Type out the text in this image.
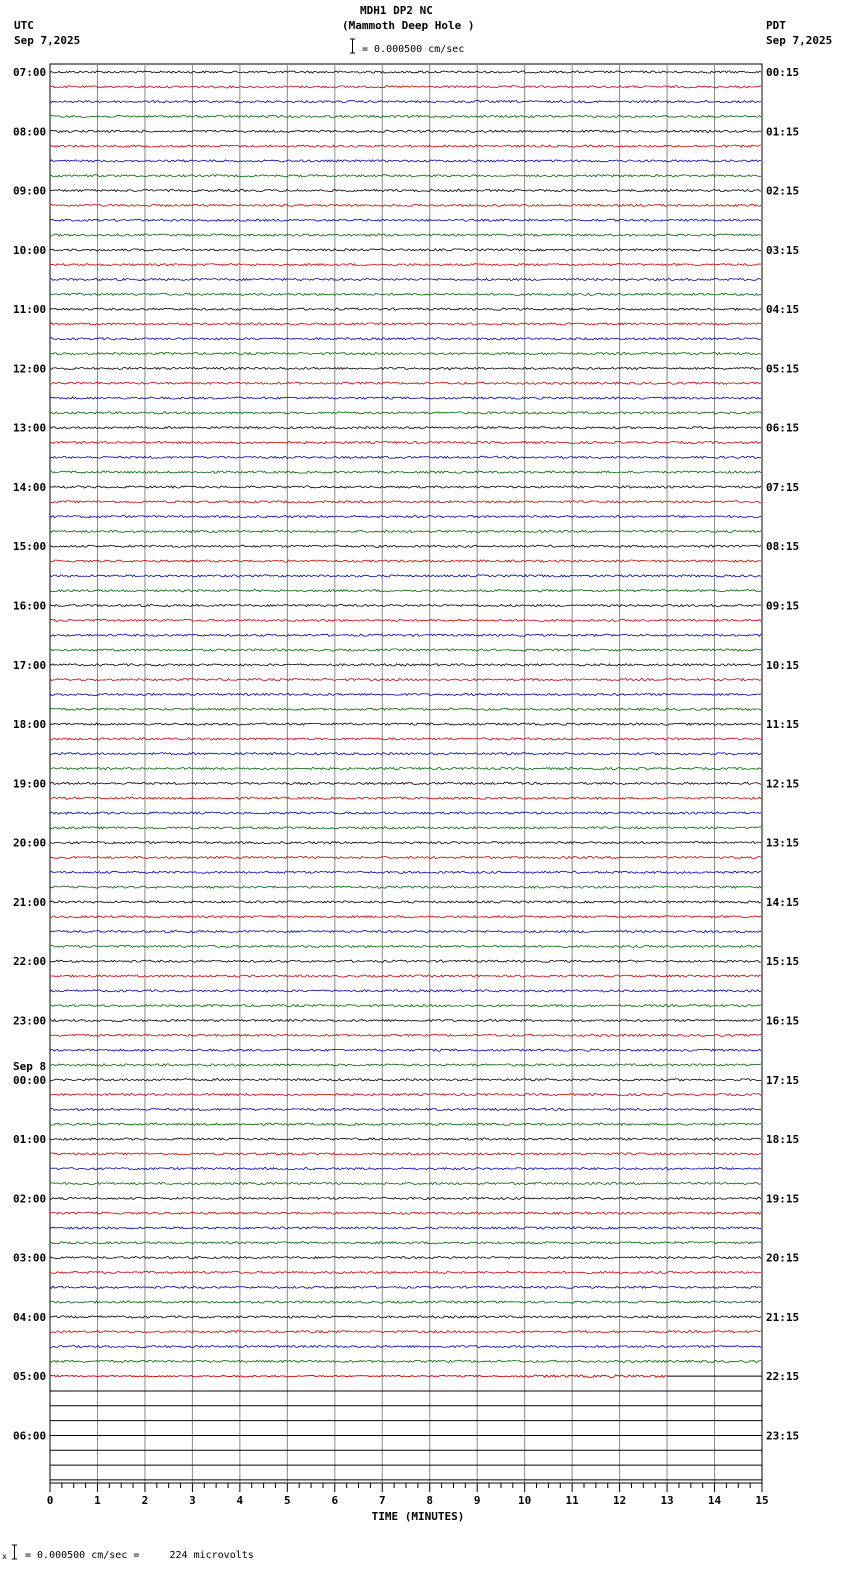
MDH1 DP2 NC
(Mammoth Deep Hole )
UTC
Sep 7,2025
PDT
Sep 7,2025
= 0.000500 cm/sec
07:00	00:15
08:00	01:15
09:00	02:15
10:00	03:15
11:00	04:15
12:00	05:15
13:00	06:15
14:00	07:15
15:00	08:15
16:00	09:15
17:00	10:15
18:00	11:15
19:00	12:15
20:00	13:15
21:00	14:15
22:00	15:15
23:00	16:15
00:00	17:15
Sep 8
01:00	18:15
02:00	19:15
03:00	20:15
04:00	21:15
05:00	22:15
06:00	23:15
0	1	2	3	4	5	6	7	8	9	10	11	12	13	14	15
TIME (MINUTES)
x = 0.000500 cm/sec =     224 microvolts
